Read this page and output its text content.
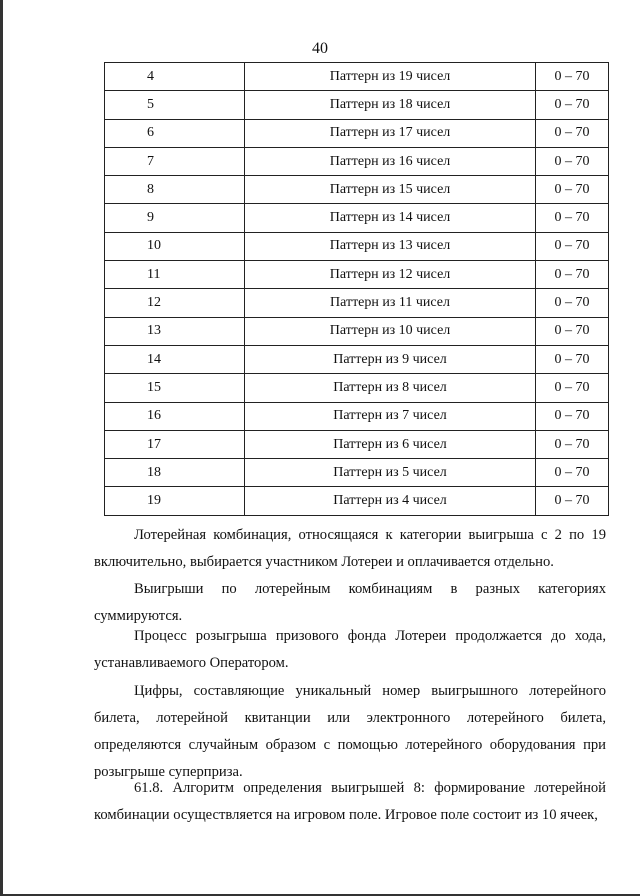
40
4	Паттерн из 19 чисел	0 – 70
5	Паттерн из 18 чисел	0 – 70
6	Паттерн из 17 чисел	0 – 70
7	Паттерн из 16 чисел	0 – 70
8	Паттерн из 15 чисел	0 – 70
9	Паттерн из 14 чисел	0 – 70
10	Паттерн из 13 чисел	0 – 70
11	Паттерн из 12 чисел	0 – 70
12	Паттерн из 11 чисел	0 – 70
13	Паттерн из 10 чисел	0 – 70
14	Паттерн из 9 чисел	0 – 70
15	Паттерн из 8 чисел	0 – 70
16	Паттерн из 7 чисел	0 – 70
17	Паттерн из 6 чисел	0 – 70
18	Паттерн из 5 чисел	0 – 70
19	Паттерн из 4 чисел	0 – 70

Лотерейная комбинация, относящаяся к категории выигрыша с 2 по 19 включительно, выбирается участником Лотереи и оплачивается отдельно.

Выигрыши по лотерейным комбинациям в разных категориях суммируются.

Процесс розыгрыша призового фонда Лотереи продолжается до хода, устанавливаемого Оператором.

Цифры, составляющие уникальный номер выигрышного лотерейного билета, лотерейной квитанции или электронного лотерейного билета, определяются случайным образом с помощью лотерейного оборудования при розыгрыше суперприза.

61.8. Алгоритм определения выигрышей 8: формирование лотерейной комбинации осуществляется на игровом поле. Игровое поле состоит из 10 ячеек,
